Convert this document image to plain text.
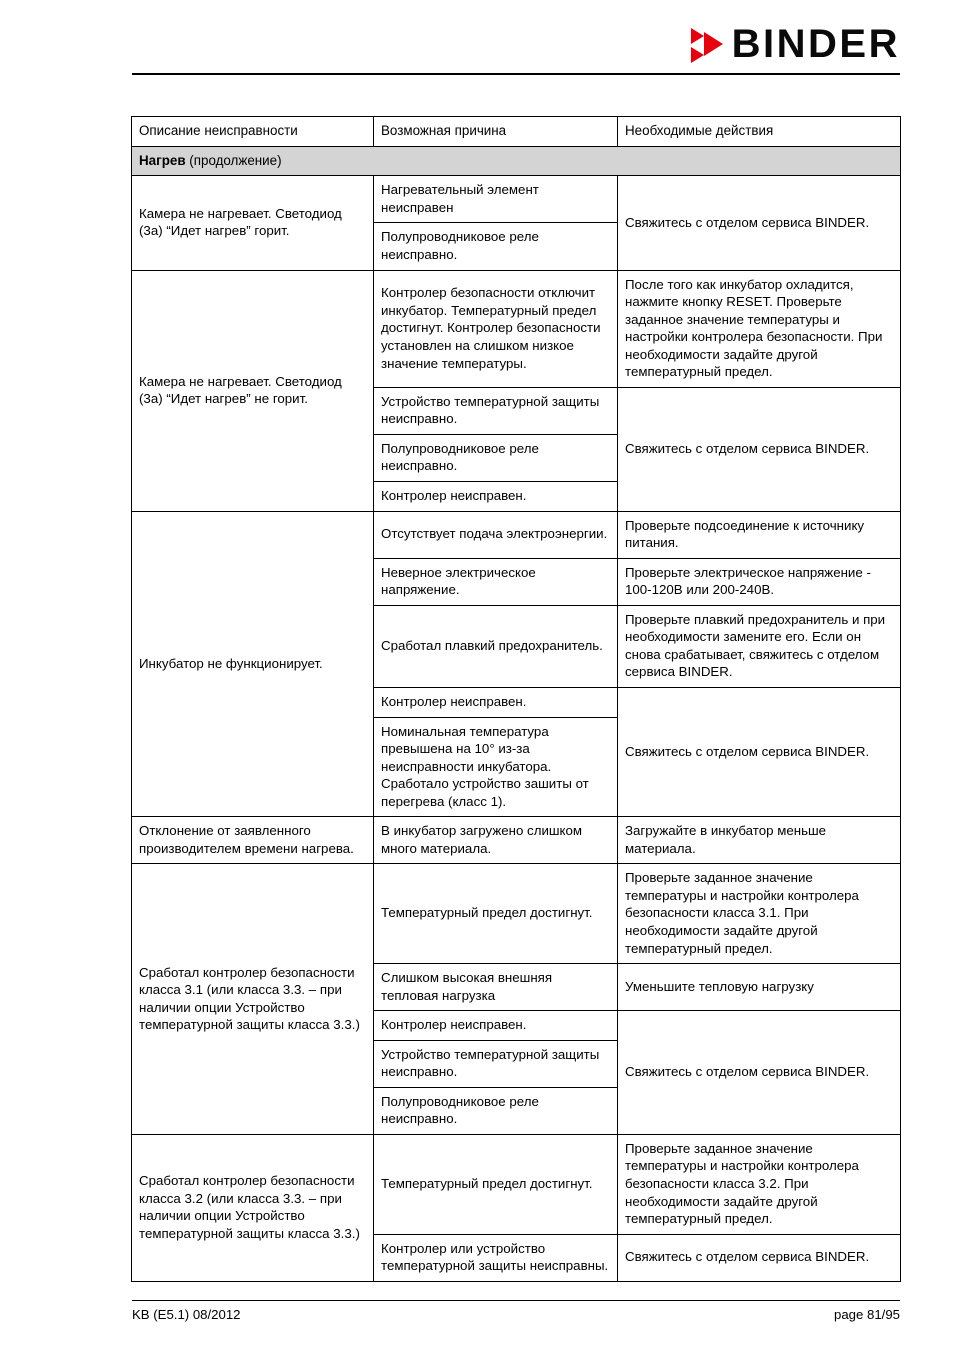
BINDER
Описание неисправности	Возможная причина	Необходимые действия
Нагрев (продолжение)		
Камера не нагревает. Светодиод (3а) “Идет нагрев” горит.	Нагревательный элемент неисправен	Свяжитесь с отделом сервиса BINDER.
	Полупроводниковое реле неисправно.	
Камера не нагревает. Светодиод (3а) “Идет нагрев” не горит.	Контролер безопасности отключит инкубатор. Температурный предел достигнут. Контролер безопасности установлен на слишком низкое значение температуры.	После того как инкубатор охладится, нажмите кнопку RESET. Проверьте заданное значение температуры и настройки контролера безопасности. При необходимости задайте другой температурный предел.
	Устройство температурной защиты неисправно.	Свяжитесь с отделом сервиса BINDER.
	Полупроводниковое реле неисправно.	
	Контролер неисправен.	
Инкубатор не функционирует.	Отсутствует подача электроэнергии.	Проверьте подсоединение к источнику питания.
	Неверное электрическое напряжение.	Проверьте электрическое напряжение - 100-120В или 200-240В.
	Сработал плавкий предохранитель.	Проверьте плавкий предохранитель и при необходимости замените его. Если он снова срабатывает, свяжитесь с отделом сервиса BINDER.
	Контролер неисправен.	Свяжитесь с отделом сервиса BINDER.
	Номинальная температура превышена на 10° из-за неисправности инкубатора. Сработало устройство зашиты от перегрева (класс 1).	
Отклонение от заявленного производителем времени нагрева.	В инкубатор загружено слишком много материала.	Загружайте в инкубатор меньше материала.
Сработал контролер безопасности класса 3.1 (или класса 3.3. – при наличии опции Устройство температурной защиты класса 3.3.)	Температурный предел достигнут.	Проверьте заданное значение температуры и настройки контролера безопасности класса 3.1. При необходимости задайте другой температурный предел.
	Слишком высокая внешняя тепловая нагрузка	Уменьшите тепловую нагрузку
	Контролер неисправен.	Свяжитесь с отделом сервиса BINDER.
	Устройство температурной защиты неисправно.	
	Полупроводниковое реле неисправно.	
Сработал контролер безопасности класса 3.2 (или класса 3.3. – при наличии опции Устройство температурной защиты класса 3.3.)	Температурный предел достигнут.	Проверьте заданное значение температуры и настройки контролера безопасности класса 3.2. При необходимости задайте другой температурный предел.
	Контролер или устройство температурной защиты неисправны.	Свяжитесь с отделом сервиса BINDER.
KB (E5.1) 08/2012	page 81/95
